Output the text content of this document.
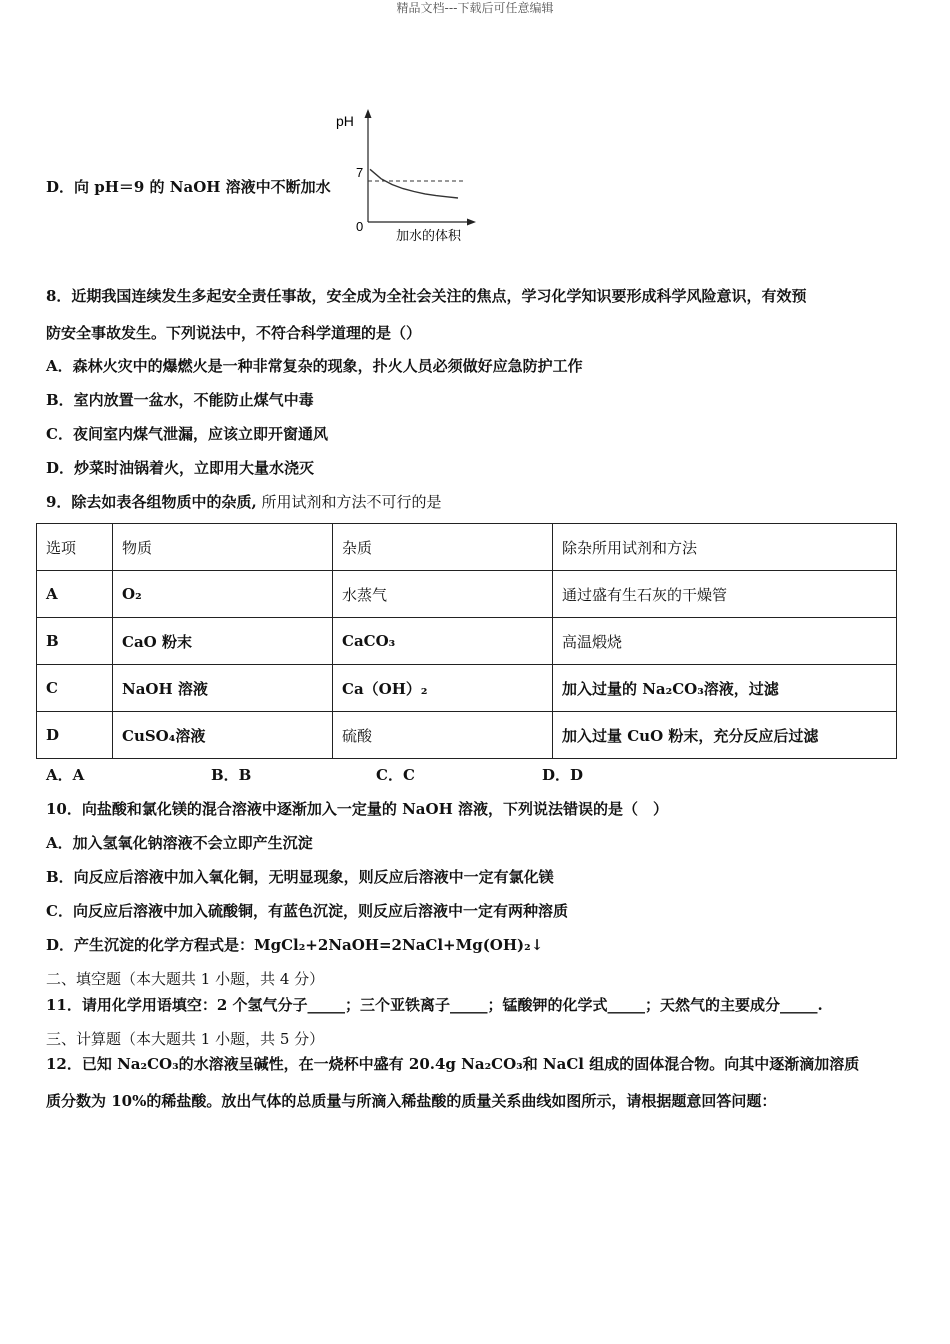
精品文档---下载后可任意编辑
D．向 pH＝9 的 NaOH 溶液中不断加水
pH
7
0
加水的体积
8．近期我国连续发生多起安全责任事故，安全成为全社会关注的焦点，学习化学知识要形成科学风险意识，有效预
防安全事故发生。下列说法中，不符合科学道理的是（）
A．森林火灾中的爆燃火是一种非常复杂的现象，扑火人员必须做好应急防护工作
B．室内放置一盆水，不能防止煤气中毒
C．夜间室内煤气泄漏，应该立即开窗通风
D．炒菜时油锅着火，立即用大量水浇灭
9．除去如表各组物质中的杂质, 所用试剂和方法不可行的是
选项	物质	杂质	除杂所用试剂和方法
A	O₂	水蒸气	通过盛有生石灰的干燥管
B	CaO 粉末	CaCO₃	高温煅烧
C	NaOH 溶液	Ca（OH）₂	加入过量的 Na₂CO₃溶液，过滤
D	CuSO₄溶液	硫酸	加入过量 CuO 粉末，充分反应后过滤
A．A	B．B	C．C	D．D
10．向盐酸和氯化镁的混合溶液中逐渐加入一定量的 NaOH 溶液，下列说法错误的是（　）
A．加入氢氧化钠溶液不会立即产生沉淀
B．向反应后溶液中加入氧化铜，无明显现象，则反应后溶液中一定有氯化镁
C．向反应后溶液中加入硫酸铜，有蓝色沉淀，则反应后溶液中一定有两种溶质
D．产生沉淀的化学方程式是：MgCl₂+2NaOH=2NaCl+Mg(OH)₂↓
二、填空题（本大题共 1 小题，共 4 分）
11．请用化学用语填空：2 个氢气分子_____；三个亚铁离子_____；锰酸钾的化学式_____；天然气的主要成分_____.
三、计算题（本大题共 1 小题，共 5 分）
12．已知 Na₂CO₃的水溶液呈碱性，在一烧杯中盛有 20.4g Na₂CO₃和 NaCl 组成的固体混合物。向其中逐渐滴加溶质
质分数为 10%的稀盐酸。放出气体的总质量与所滴入稀盐酸的质量关系曲线如图所示，请根据题意回答问题：
